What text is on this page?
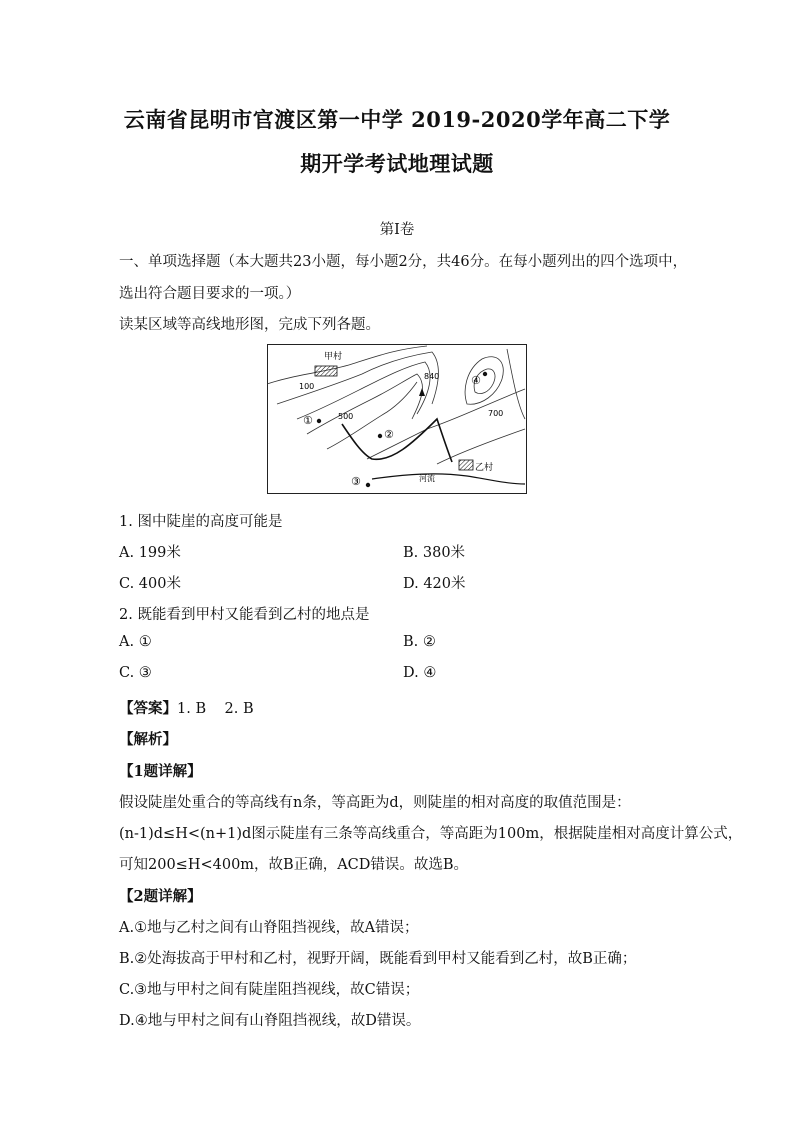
云南省昆明市官渡区第一中学 2019-2020学年高二下学
期开学考试地理试题
第Ⅰ卷
一、单项选择题（本大题共23小题，每小题2分，共46分。在每小题列出的四个选项中，
选出符合题目要求的一项。）
读某区域等高线地形图，完成下列各题。
甲村
乙村
河流
100
500	700
840
①
②
③
④
1. 图中陡崖的高度可能是
A. 199米	B. 380米
C. 400米	D. 420米
2. 既能看到甲村又能看到乙村的地点是
A. ①	B. ②
C. ③	D. ④
【答案】1. B    2. B
【解析】
【1题详解】
假设陡崖处重合的等高线有n条，等高距为d，则陡崖的相对高度的取值范围是：
(n-1)d≤H<(n+1)d图示陡崖有三条等高线重合，等高距为100m，根据陡崖相对高度计算公式，
可知200≤H<400m，故B正确，ACD错误。故选B。
【2题详解】
A.①地与乙村之间有山脊阻挡视线，故A错误；
B.②处海拔高于甲村和乙村，视野开阔，既能看到甲村又能看到乙村，故B正确；
C.③地与甲村之间有陡崖阻挡视线，故C错误；
D.④地与甲村之间有山脊阻挡视线，故D错误。
